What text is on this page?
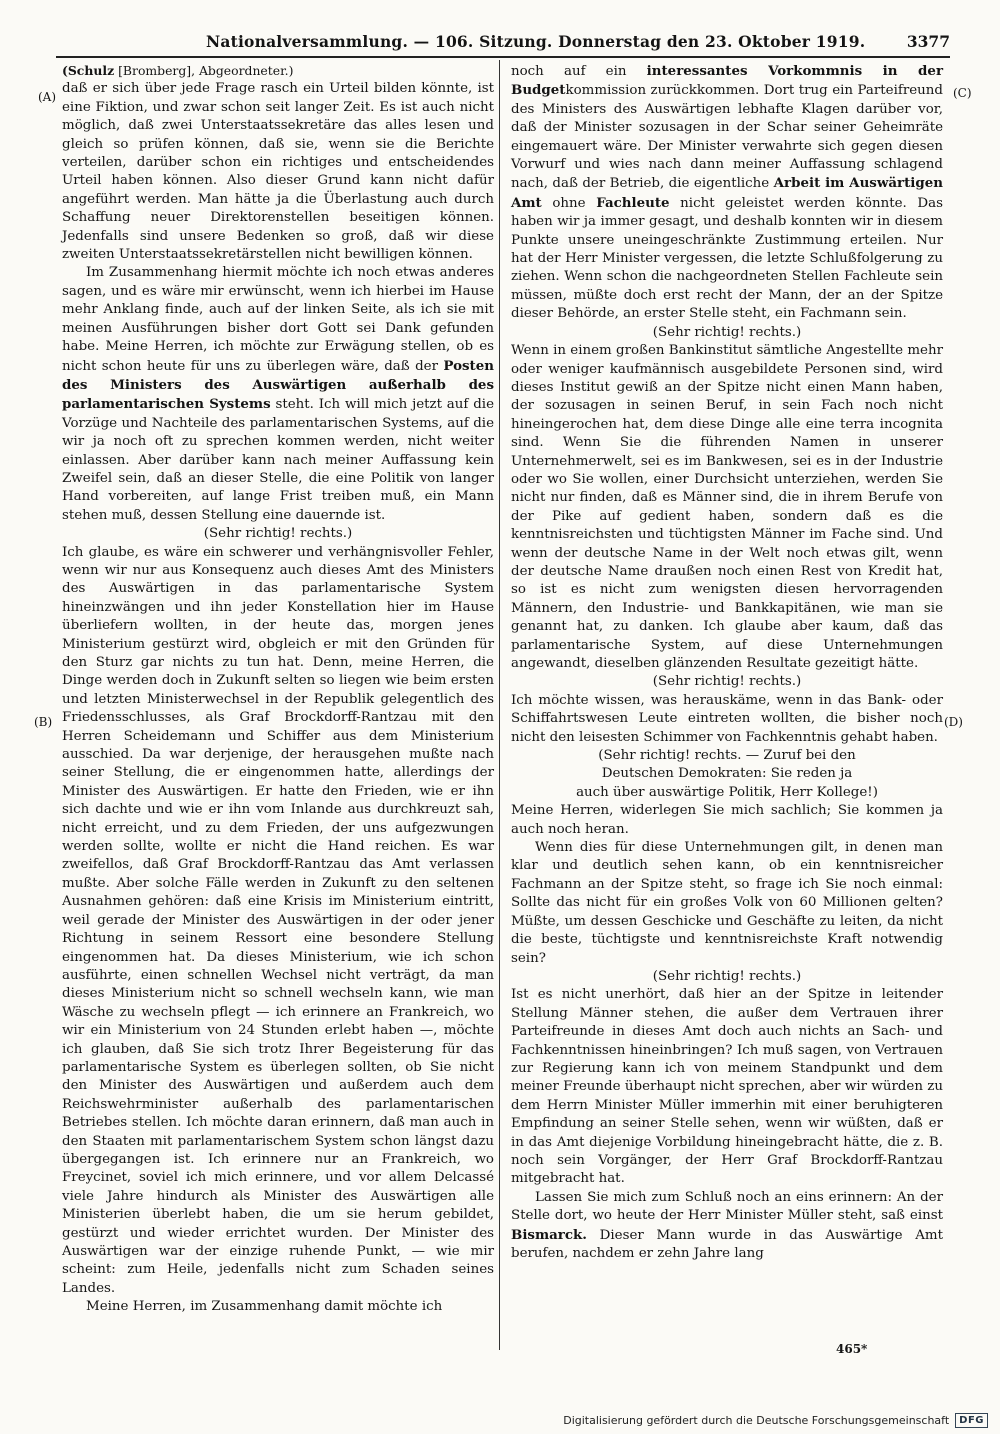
Nationalversammlung. — 106. Sitzung. Donnerstag den 23. Oktober 1919.	3377
(A)
(B)
(C)
(D)

(Schulz [Bromberg], Abgeordneter.)

daß er sich über jede Frage rasch ein Urteil bilden könnte, ist eine Fiktion, und zwar schon seit langer Zeit. Es ist auch nicht möglich, daß zwei Unterstaatssekretäre das alles lesen und gleich so prüfen können, daß sie, wenn sie die Berichte verteilen, darüber schon ein richtiges und entscheidendes Urteil haben können. Also dieser Grund kann nicht dafür angeführt werden. Man hätte ja die Überlastung auch durch Schaffung neuer Direktorenstellen beseitigen können. Jedenfalls sind unsere Bedenken so groß, daß wir diese zweiten Unterstaatssekretärstellen nicht bewilligen können.

Im Zusammenhang hiermit möchte ich noch etwas anderes sagen, und es wäre mir erwünscht, wenn ich hierbei im Hause mehr Anklang finde, auch auf der linken Seite, als ich sie mit meinen Ausführungen bisher dort Gott sei Dank gefunden habe. Meine Herren, ich möchte zur Erwägung stellen, ob es nicht schon heute für uns zu überlegen wäre, daß der Posten des Ministers des Auswärtigen außerhalb des parlamentarischen Systems steht. Ich will mich jetzt auf die Vorzüge und Nachteile des parlamentarischen Systems, auf die wir ja noch oft zu sprechen kommen werden, nicht weiter einlassen. Aber darüber kann nach meiner Auffassung kein Zweifel sein, daß an dieser Stelle, die eine Politik von langer Hand vorbereiten, auf lange Frist treiben muß, ein Mann stehen muß, dessen Stellung eine dauernde ist.

(Sehr richtig! rechts.)

Ich glaube, es wäre ein schwerer und verhängnisvoller Fehler, wenn wir nur aus Konsequenz auch dieses Amt des Ministers des Auswärtigen in das parlamentarische System hineinzwängen und ihn jeder Konstellation hier im Hause überliefern wollten, in der heute das, morgen jenes Ministerium gestürzt wird, obgleich er mit den Gründen für den Sturz gar nichts zu tun hat. Denn, meine Herren, die Dinge werden doch in Zukunft selten so liegen wie beim ersten und letzten Ministerwechsel in der Republik gelegentlich des Friedensschlusses, als Graf Brockdorff-Rantzau mit den Herren Scheidemann und Schiffer aus dem Ministerium ausschied. Da war derjenige, der herausgehen mußte nach seiner Stellung, die er eingenommen hatte, allerdings der Minister des Auswärtigen. Er hatte den Frieden, wie er ihn sich dachte und wie er ihn vom Inlande aus durchkreuzt sah, nicht erreicht, und zu dem Frieden, der uns aufgezwungen werden sollte, wollte er nicht die Hand reichen. Es war zweifellos, daß Graf Brockdorff-Rantzau das Amt verlassen mußte. Aber solche Fälle werden in Zukunft zu den seltenen Ausnahmen gehören: daß eine Krisis im Ministerium eintritt, weil gerade der Minister des Auswärtigen in der oder jener Richtung in seinem Ressort eine besondere Stellung eingenommen hat. Da dieses Ministerium, wie ich schon ausführte, einen schnellen Wechsel nicht verträgt, da man dieses Ministerium nicht so schnell wechseln kann, wie man Wäsche zu wechseln pflegt — ich erinnere an Frankreich, wo wir ein Ministerium von 24 Stunden erlebt haben —, möchte ich glauben, daß Sie sich trotz Ihrer Begeisterung für das parlamentarische System es überlegen sollten, ob Sie nicht den Minister des Auswärtigen und außerdem auch dem Reichswehrminister außerhalb des parlamentarischen Betriebes stellen. Ich möchte daran erinnern, daß man auch in den Staaten mit parlamentarischem System schon längst dazu übergegangen ist. Ich erinnere nur an Frankreich, wo Freycinet, soviel ich mich erinnere, und vor allem Delcassé viele Jahre hindurch als Minister des Auswärtigen alle Ministerien überlebt haben, die um sie herum gebildet, gestürzt und wieder errichtet wurden. Der Minister des Auswärtigen war der einzige ruhende Punkt, — wie mir scheint: zum Heile, jedenfalls nicht zum Schaden seines Landes.

Meine Herren, im Zusammenhang damit möchte ich

noch auf ein interessantes Vorkommnis in der Budgetkommission zurückkommen. Dort trug ein Parteifreund des Ministers des Auswärtigen lebhafte Klagen darüber vor, daß der Minister sozusagen in der Schar seiner Geheimräte eingemauert wäre. Der Minister verwahrte sich gegen diesen Vorwurf und wies nach dann meiner Auffassung schlagend nach, daß der Betrieb, die eigentliche Arbeit im Auswärtigen Amt ohne Fachleute nicht geleistet werden könnte. Das haben wir ja immer gesagt, und deshalb konnten wir in diesem Punkte unsere uneingeschränkte Zustimmung erteilen. Nur hat der Herr Minister vergessen, die letzte Schlußfolgerung zu ziehen. Wenn schon die nachgeordneten Stellen Fachleute sein müssen, müßte doch erst recht der Mann, der an der Spitze dieser Behörde, an erster Stelle steht, ein Fachmann sein.

(Sehr richtig! rechts.)

Wenn in einem großen Bankinstitut sämtliche Angestellte mehr oder weniger kaufmännisch ausgebildete Personen sind, wird dieses Institut gewiß an der Spitze nicht einen Mann haben, der sozusagen in seinen Beruf, in sein Fach noch nicht hineingerochen hat, dem diese Dinge alle eine terra incognita sind. Wenn Sie die führenden Namen in unserer Unternehmerwelt, sei es im Bankwesen, sei es in der Industrie oder wo Sie wollen, einer Durchsicht unterziehen, werden Sie nicht nur finden, daß es Männer sind, die in ihrem Berufe von der Pike auf gedient haben, sondern daß es die kenntnisreichsten und tüchtigsten Männer im Fache sind. Und wenn der deutsche Name in der Welt noch etwas gilt, wenn der deutsche Name draußen noch einen Rest von Kredit hat, so ist es nicht zum wenigsten diesen hervorragenden Männern, den Industrie- und Bankkapitänen, wie man sie genannt hat, zu danken. Ich glaube aber kaum, daß das parlamentarische System, auf diese Unternehmungen angewandt, dieselben glänzenden Resultate gezeitigt hätte.

(Sehr richtig! rechts.)

Ich möchte wissen, was herauskäme, wenn in das Bank- oder Schiffahrtswesen Leute eintreten wollten, die bisher noch nicht den leisesten Schimmer von Fachkenntnis gehabt haben.

(Sehr richtig! rechts. — Zuruf bei den
Deutschen Demokraten: Sie reden ja
auch über auswärtige Politik, Herr Kollege!)

Meine Herren, widerlegen Sie mich sachlich; Sie kommen ja auch noch heran.

Wenn dies für diese Unternehmungen gilt, in denen man klar und deutlich sehen kann, ob ein kenntnisreicher Fachmann an der Spitze steht, so frage ich Sie noch einmal: Sollte das nicht für ein großes Volk von 60 Millionen gelten? Müßte, um dessen Geschicke und Geschäfte zu leiten, da nicht die beste, tüchtigste und kenntnisreichste Kraft notwendig sein?

(Sehr richtig! rechts.)

Ist es nicht unerhört, daß hier an der Spitze in leitender Stellung Männer stehen, die außer dem Vertrauen ihrer Parteifreunde in dieses Amt doch auch nichts an Sach- und Fachkenntnissen hineinbringen? Ich muß sagen, von Vertrauen zur Regierung kann ich von meinem Standpunkt und dem meiner Freunde überhaupt nicht sprechen, aber wir würden zu dem Herrn Minister Müller immerhin mit einer beruhigteren Empfindung an seiner Stelle sehen, wenn wir wüßten, daß er in das Amt diejenige Vorbildung hineingebracht hätte, die z. B. noch sein Vorgänger, der Herr Graf Brockdorff-Rantzau mitgebracht hat.

Lassen Sie mich zum Schluß noch an eins erinnern: An der Stelle dort, wo heute der Herr Minister Müller steht, saß einst Bismarck. Dieser Mann wurde in das Auswärtige Amt berufen, nachdem er zehn Jahre lang

465*
Digitalisierung gefördert durch die Deutsche Forschungsgemeinschaft	DFG
